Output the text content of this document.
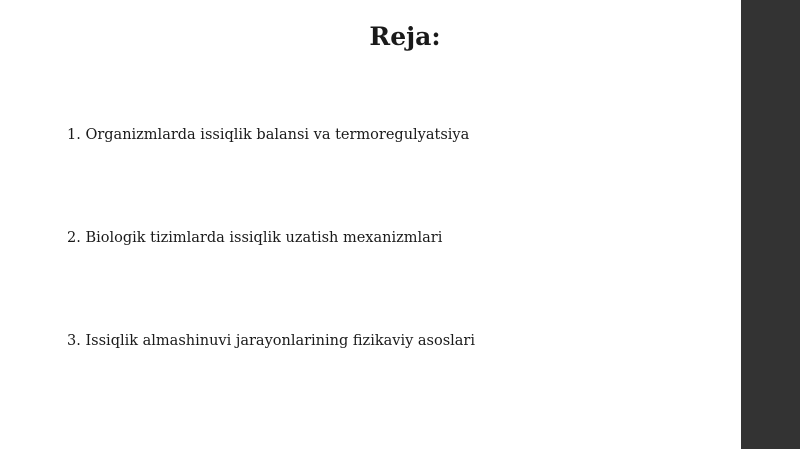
Reja:

1. Organizmlarda issiqlik balansi va termoregulyatsiya

2. Biologik tizimlarda issiqlik uzatish mexanizmlari

3. Issiqlik almashinuvi jarayonlarining fizikaviy asoslari
